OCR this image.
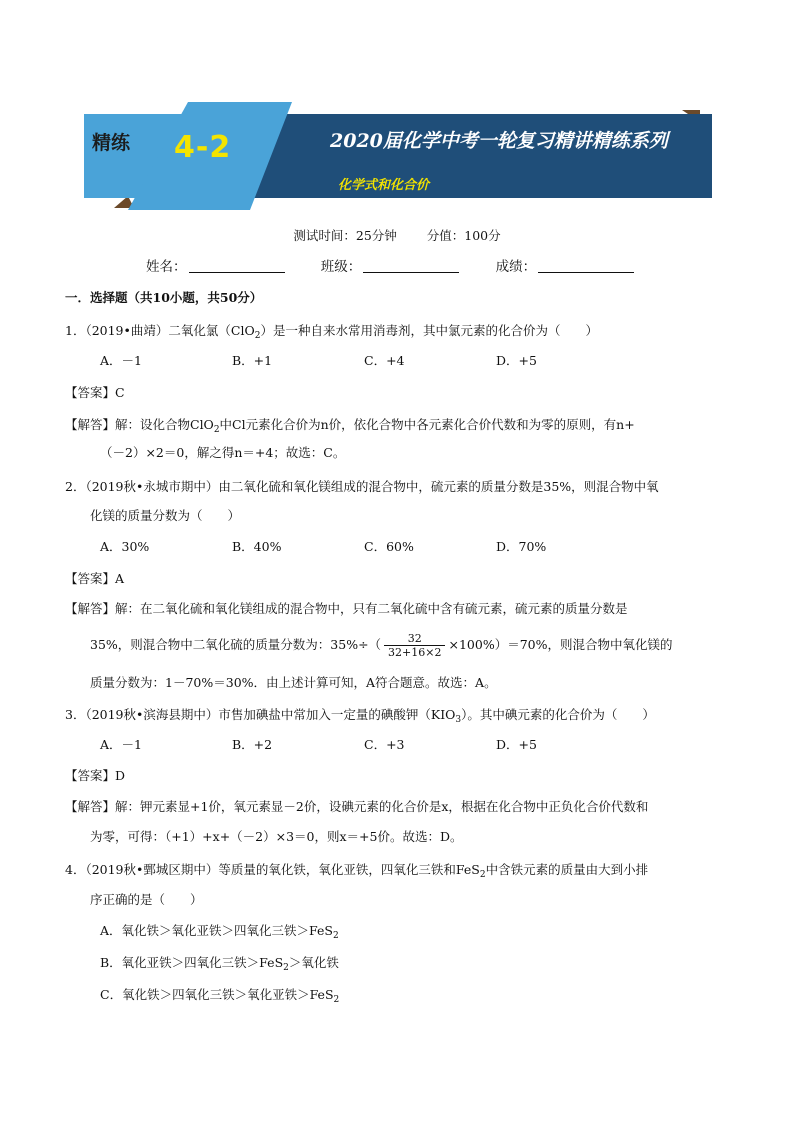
精练 4-2	2020届化学中考一轮复习精讲精练系列
化学式和化合价
测试时间：25分钟 分值：100分
姓名：	班级：	成绩：
一．选择题（共10小题，共50分）
1．（2019•曲靖）二氧化氯（ClO$_2$）是一种自来水常用消毒剂，其中氯元素的化合价为（　　）
A．－1	B．+1	C．+4	D．+5
【答案】C
【解答】解：设化合物ClO$_2$中Cl元素化合价为n价，依化合物中各元素化合价代数和为零的原则，有n+
（－2）×2＝0，解之得n＝+4；故选：C。
2．（2019秋•永城市期中）由二氧化硫和氧化镁组成的混合物中，硫元素的质量分数是35%，则混合物中氧
化镁的质量分数为（　　）
A．30%	B．40%	C．60%	D．70%
【答案】A
【解答】解：在二氧化硫和氧化镁组成的混合物中，只有二氧化硫中含有硫元素，硫元素的质量分数是
35%，则混合物中二氧化硫的质量分数为：$35\%\div( \frac{32}{32+16\times 2} \times 100\%)=70\%$，则混合物中氧化镁的
质量分数为：1－70%＝30%．由上述计算可知，A符合题意。故选：A。
3．（2019秋•滨海县期中）市售加碘盐中常加入一定量的碘酸钾$(KIO_3)$。其中碘元素的化合价为（　　）
A．－1	B．+2	C．+3	D．+5
【答案】D
【解答】解：钾元素显+1价，氧元素显－2价，设碘元素的化合价是x，根据在化合物中正负化合价代数和
为零，可得：（+1）+x+（－2）×3＝0，则x＝+5价。故选：D。
4．（2019秋•鄄城区期中）等质量的氧化铁，氧化亚铁，四氧化三铁和FeS$_2$中含铁元素的质量由大到小排
序正确的是（　　）
A．氧化铁＞氧化亚铁＞四氧化三铁＞FeS$_2$
B．氧化亚铁＞四氧化三铁＞FeS$_2$＞氧化铁
C．氧化铁＞四氧化三铁＞氧化亚铁＞FeS$_2$
